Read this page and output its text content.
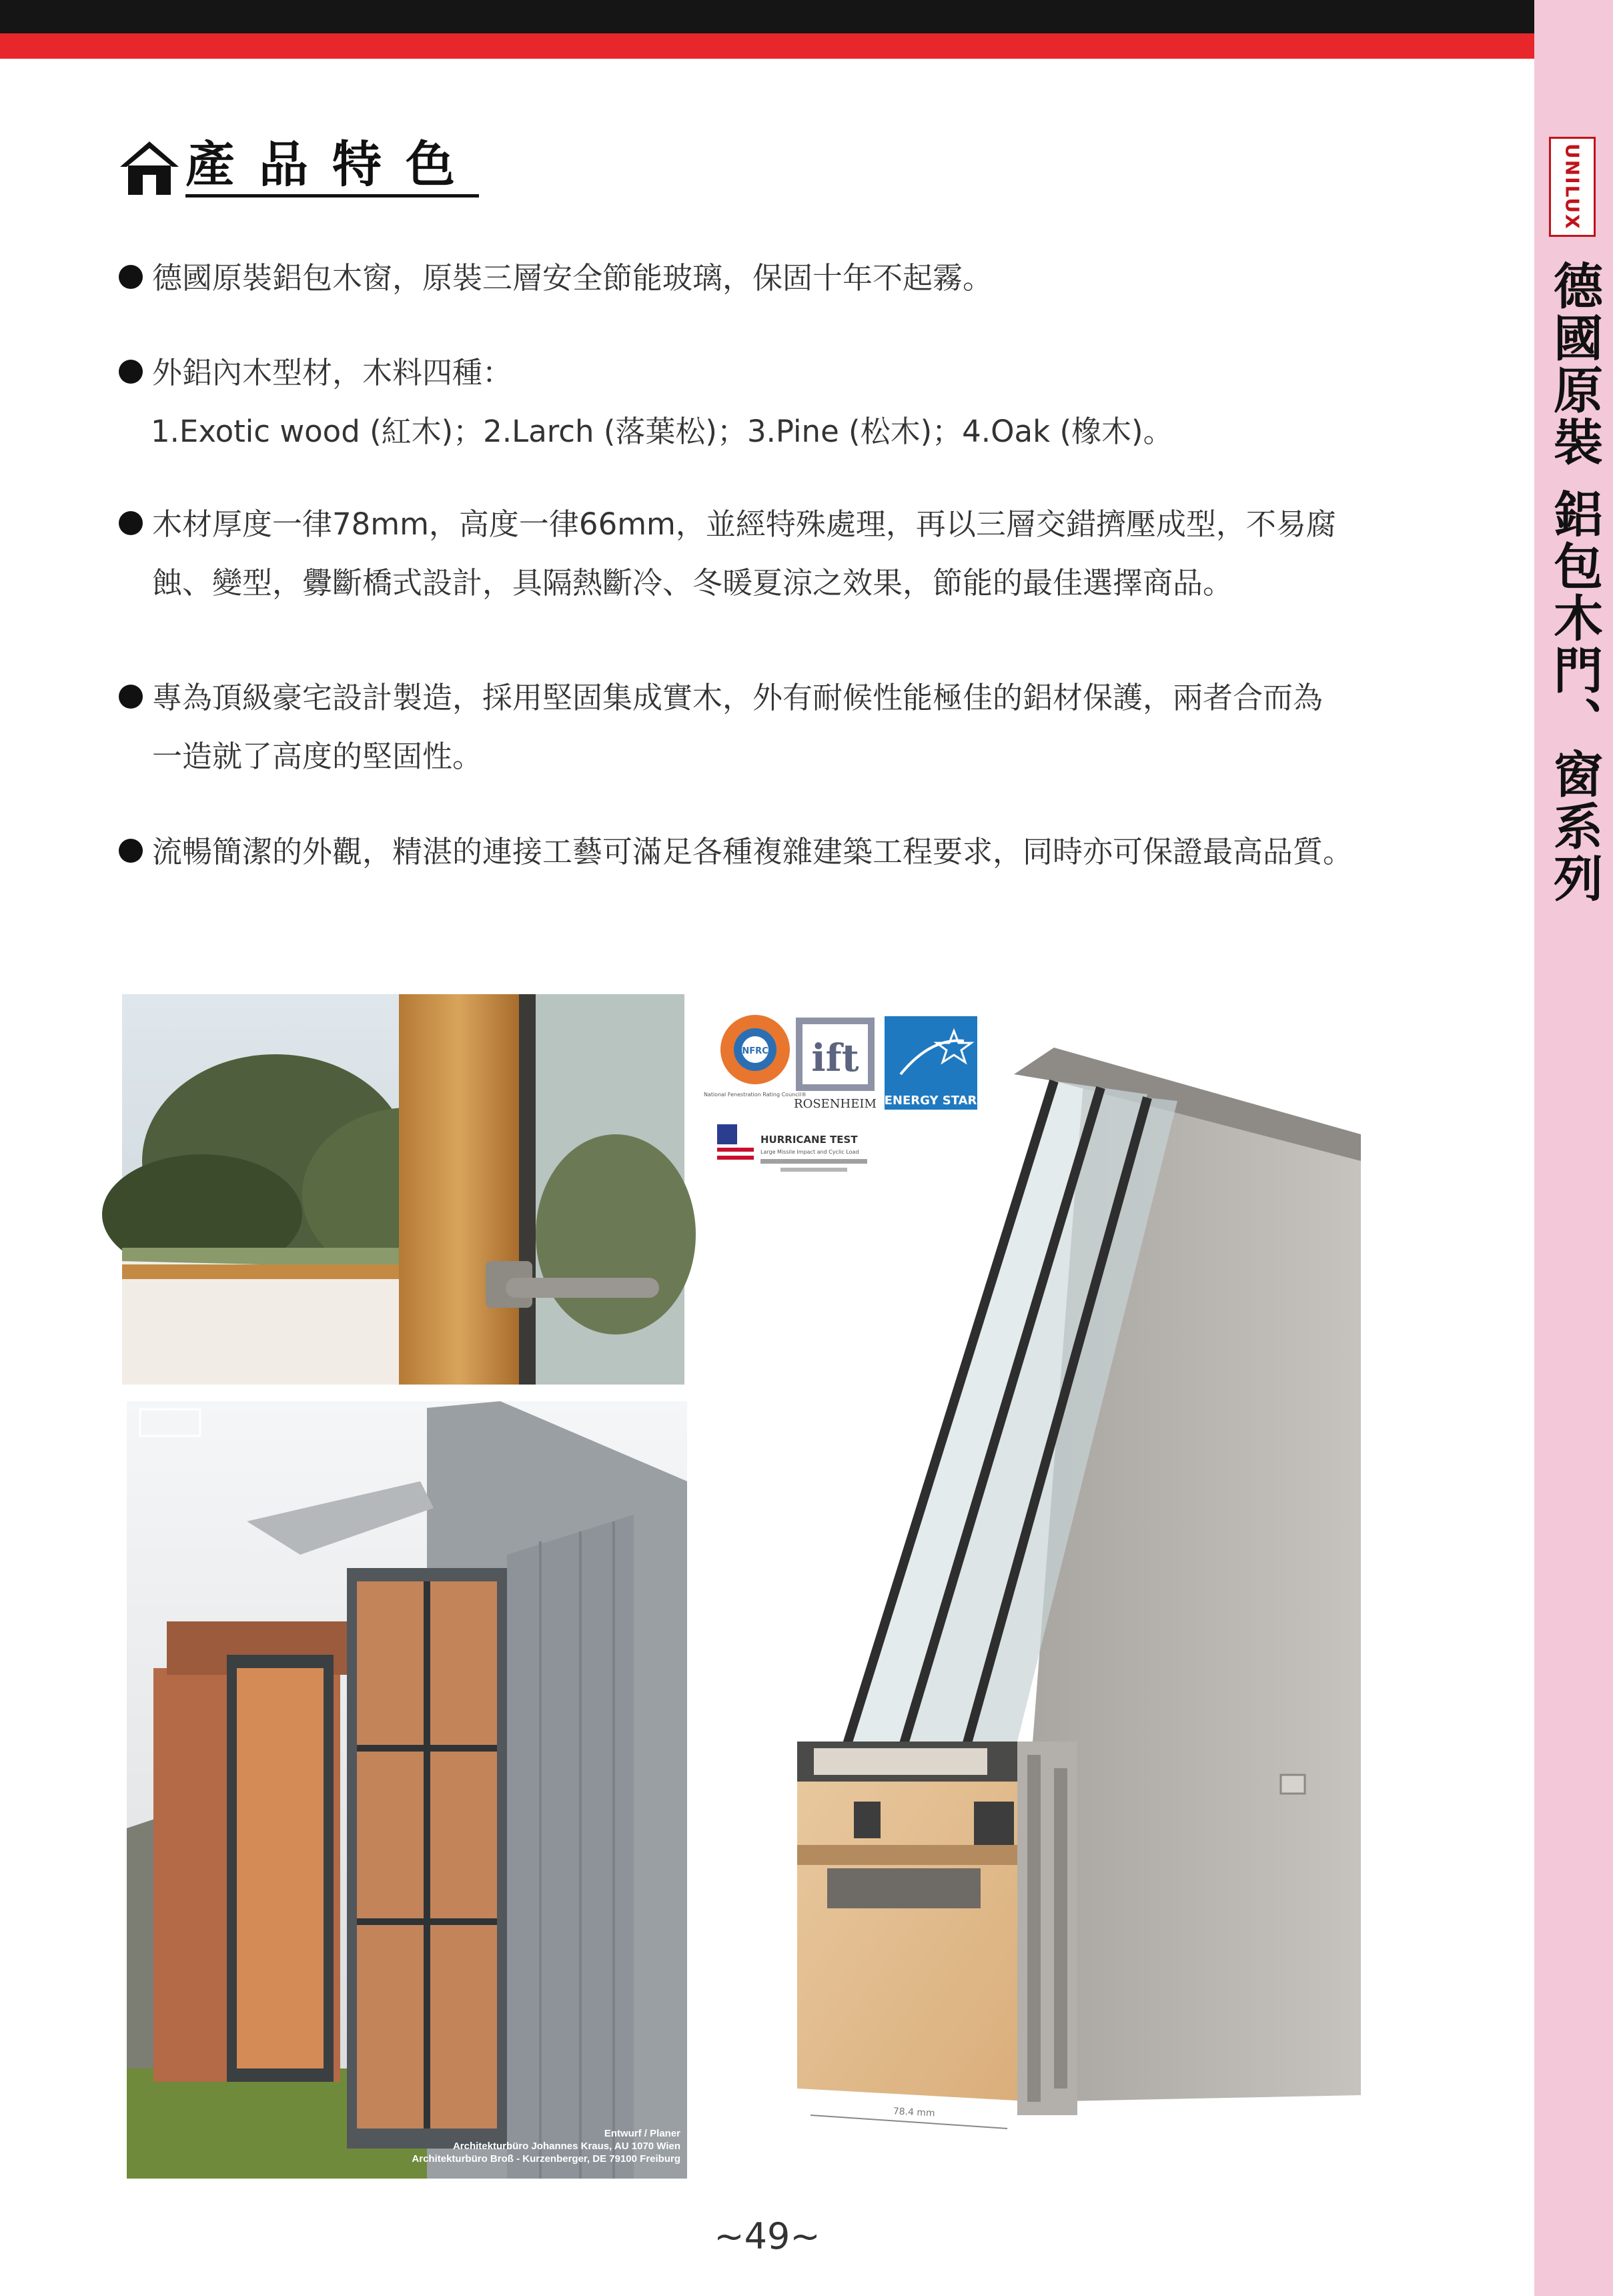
UNILUX
德國原裝 鋁包木門、窗系列
產品特色
德國原裝鋁包木窗，原裝三層安全節能玻璃，保固十年不起霧。
外鋁內木型材，木料四種：
1.Exotic wood (紅木)；2.Larch (落葉松)；3.Pine (松木)；4.Oak (橡木)。
木材厚度一律78mm，高度一律66mm，並經特殊處理，再以三層交錯擠壓成型，不易腐
蝕、變型，釁斷橋式設計，具隔熱斷冷、冬暖夏涼之效果，節能的最佳選擇商品。
專為頂級豪宅設計製造，採用堅固集成實木，外有耐候性能極佳的鋁材保護，兩者合而為
一造就了高度的堅固性。
流暢簡潔的外觀，精湛的連接工藝可滿足各種複雜建築工程要求，同時亦可保證最高品質。
Entwurf / Planer
Architekturbüro Johannes Kraus, AU 1070 Wien
Architekturbüro Broß - Kurzenberger, DE 79100 Freiburg
NFRC
National Fenestration Rating Council®
ift
ROSENHEIM ENERGY STAR
HURRICANE TEST
Large Missile Impact and Cyclic Load
78.4 mm
~49~
